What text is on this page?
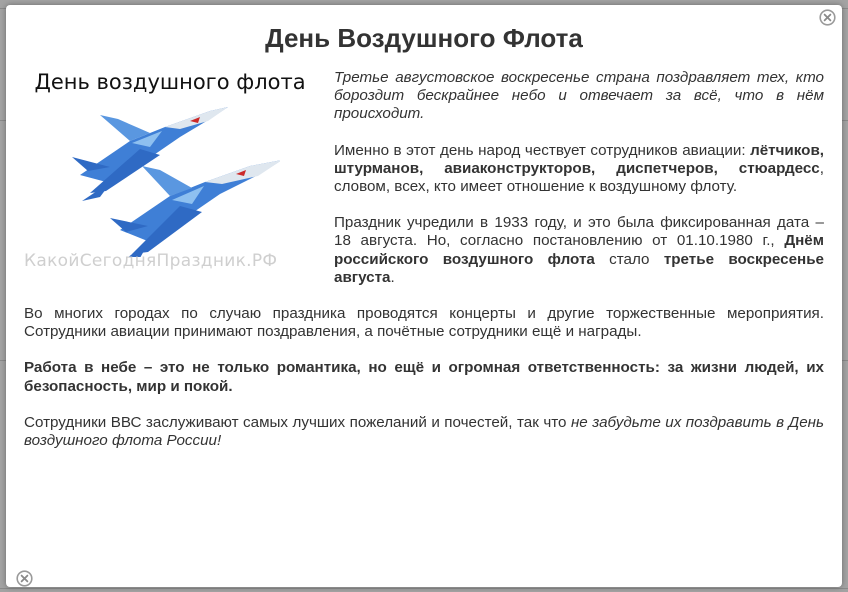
День Воздушного Флота
День воздушного флота
КакойСегодняПраздник.РФ

Третье августовское воскресенье страна поздравляет тех, кто бороздит бескрайнее небо и отвечает за всё, что в нём происходит.

Именно в этот день народ чествует сотрудников авиации: лётчиков, штурманов, авиаконструкторов, диспетчеров, стюардесс, словом, всех, кто имеет отношение к воздушному флоту.

Праздник учредили в 1933 году, и это была фиксированная дата – 18 августа. Но, согласно постановлению от 01.10.1980 г., Днём российского воздушного флота стало третье воскресенье августа.

Во многих городах по случаю праздника проводятся концерты и другие торжественные мероприятия. Сотрудники авиации принимают поздравления, а почётные сотрудники ещё и награды.

Работа в небе – это не только романтика, но ещё и огромная ответственность: за жизни людей, их безопасность, мир и покой.

Сотрудники ВВС заслуживают самых лучших пожеланий и почестей, так что не забудьте их поздравить в День воздушного флота России!
